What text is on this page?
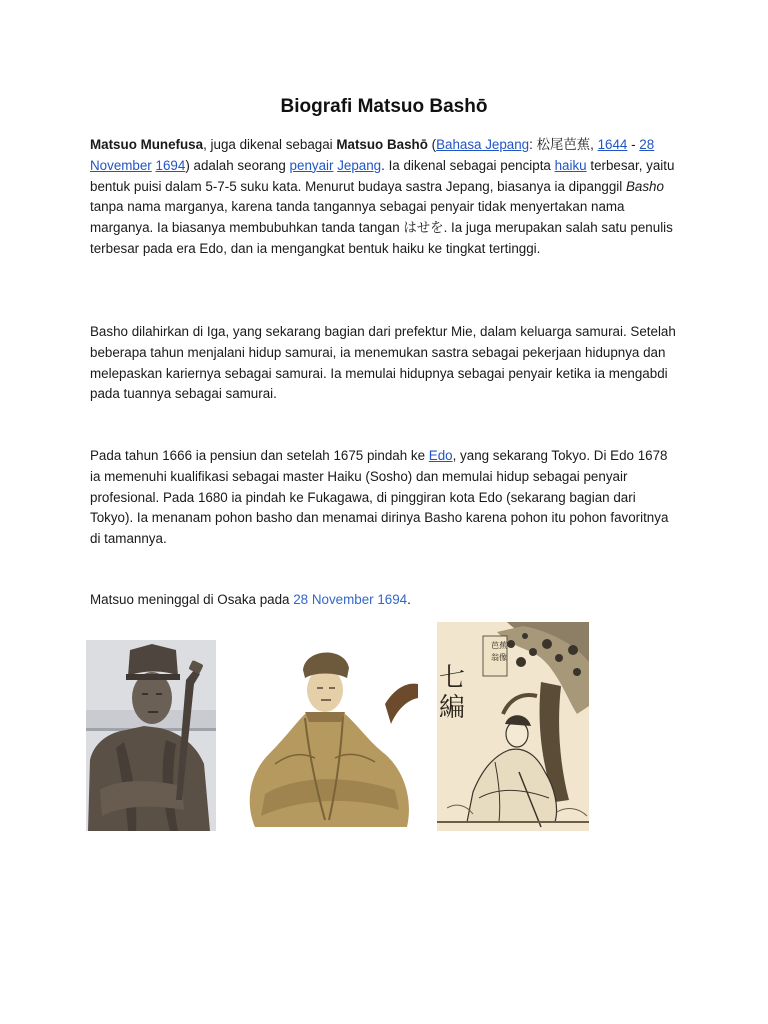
Biografi Matsuo Bashō

Matsuo Munefusa, juga dikenal sebagai Matsuo Bashō (Bahasa Jepang: 松尾芭蕉, 1644 - 28 November 1694) adalah seorang penyair Jepang. Ia dikenal sebagai pencipta haiku terbesar, yaitu bentuk puisi dalam 5-7-5 suku kata. Menurut budaya sastra Jepang, biasanya ia dipanggil Basho tanpa nama marganya, karena tanda tangannya sebagai penyair tidak menyertakan nama marganya. Ia biasanya membubuhkan tanda tangan はせを. Ia juga merupakan salah satu penulis terbesar pada era Edo, dan ia mengangkat bentuk haiku ke tingkat tertinggi.

Basho dilahirkan di Iga, yang sekarang bagian dari prefektur Mie, dalam keluarga samurai. Setelah beberapa tahun menjalani hidup samurai, ia menemukan sastra sebagai pekerjaan hidupnya dan melepaskan kariernya sebagai samurai. Ia memulai hidupnya sebagai penyair ketika ia mengabdi pada tuannya sebagai samurai.

Pada tahun 1666 ia pensiun dan setelah 1675 pindah ke Edo, yang sekarang Tokyo. Di Edo 1678 ia memenuhi kualifikasi sebagai master Haiku (Sosho) dan memulai hidup sebagai penyair profesional. Pada 1680 ia pindah ke Fukagawa, di pinggiran kota Edo (sekarang bagian dari Tokyo). Ia menanam pohon basho dan menamai dirinya Basho karena pohon itu pohon favoritnya di tamannya.

Matsuo meninggal di Osaka pada 28 November 1694.

七
編
芭蕉
翁像
